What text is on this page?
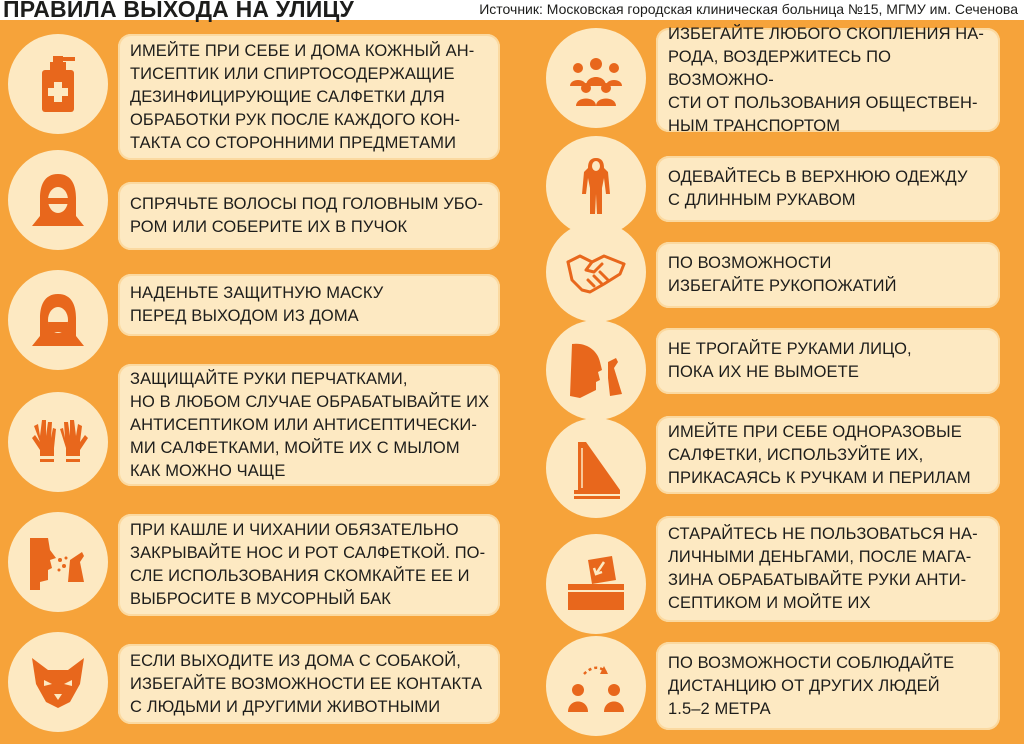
ПРАВИЛА ВЫХОДА НА УЛИЦУ	Источник: Московская городская клиническая больница №15, МГМУ им. Сеченова
ИМЕЙТЕ ПРИ СЕБЕ И ДОМА КОЖНЫЙ АН-
ТИСЕПТИК ИЛИ СПИРТОСОДЕРЖАЩИЕ
ДЕЗИНФИЦИРУЮЩИЕ САЛФЕТКИ ДЛЯ
ОБРАБОТКИ РУК ПОСЛЕ КАЖДОГО КОН-
ТАКТА СО СТОРОННИМИ ПРЕДМЕТАМИ
СПРЯЧЬТЕ ВОЛОСЫ ПОД ГОЛОВНЫМ УБО-
РОМ ИЛИ СОБЕРИТЕ ИХ В ПУЧОК
НАДЕНЬТЕ ЗАЩИТНУЮ МАСКУ
ПЕРЕД ВЫХОДОМ ИЗ ДОМА
ЗАЩИЩАЙТЕ РУКИ ПЕРЧАТКАМИ,
НО В ЛЮБОМ СЛУЧАЕ ОБРАБАТЫВАЙТЕ ИХ
АНТИСЕПТИКОМ ИЛИ АНТИСЕПТИЧЕСКИ-
МИ САЛФЕТКАМИ, МОЙТЕ ИХ С МЫЛОМ
КАК МОЖНО ЧАЩЕ
ПРИ КАШЛЕ И ЧИХАНИИ ОБЯЗАТЕЛЬНО
ЗАКРЫВАЙТЕ НОС И РОТ САЛФЕТКОЙ. ПО-
СЛЕ ИСПОЛЬЗОВАНИЯ СКОМКАЙТЕ ЕЕ И
ВЫБРОСИТЕ В МУСОРНЫЙ БАК
ЕСЛИ ВЫХОДИТЕ ИЗ ДОМА С СОБАКОЙ,
ИЗБЕГАЙТЕ ВОЗМОЖНОСТИ ЕЕ КОНТАКТА
С ЛЮДЬМИ И ДРУГИМИ ЖИВОТНЫМИ
ИЗБЕГАЙТЕ ЛЮБОГО СКОПЛЕНИЯ НА-
РОДА, ВОЗДЕРЖИТЕСЬ ПО ВОЗМОЖНО-
СТИ ОТ ПОЛЬЗОВАНИЯ ОБЩЕСТВЕН-
НЫМ ТРАНСПОРТОМ
ОДЕВАЙТЕСЬ В ВЕРХНЮЮ ОДЕЖДУ
С ДЛИННЫМ РУКАВОМ
ПО ВОЗМОЖНОСТИ
ИЗБЕГАЙТЕ РУКОПОЖАТИЙ
НЕ ТРОГАЙТЕ РУКАМИ ЛИЦО,
ПОКА ИХ НЕ ВЫМОЕТЕ
ИМЕЙТЕ ПРИ СЕБЕ ОДНОРАЗОВЫЕ
САЛФЕТКИ, ИСПОЛЬЗУЙТЕ ИХ,
ПРИКАСАЯСЬ К РУЧКАМ И ПЕРИЛАМ
СТАРАЙТЕСЬ НЕ ПОЛЬЗОВАТЬСЯ НА-
ЛИЧНЫМИ ДЕНЬГАМИ, ПОСЛЕ МАГА-
ЗИНА ОБРАБАТЫВАЙТЕ РУКИ АНТИ-
СЕПТИКОМ И МОЙТЕ ИХ
ПО ВОЗМОЖНОСТИ СОБЛЮДАЙТЕ
ДИСТАНЦИЮ ОТ ДРУГИХ ЛЮДЕЙ
1.5–2 МЕТРА
